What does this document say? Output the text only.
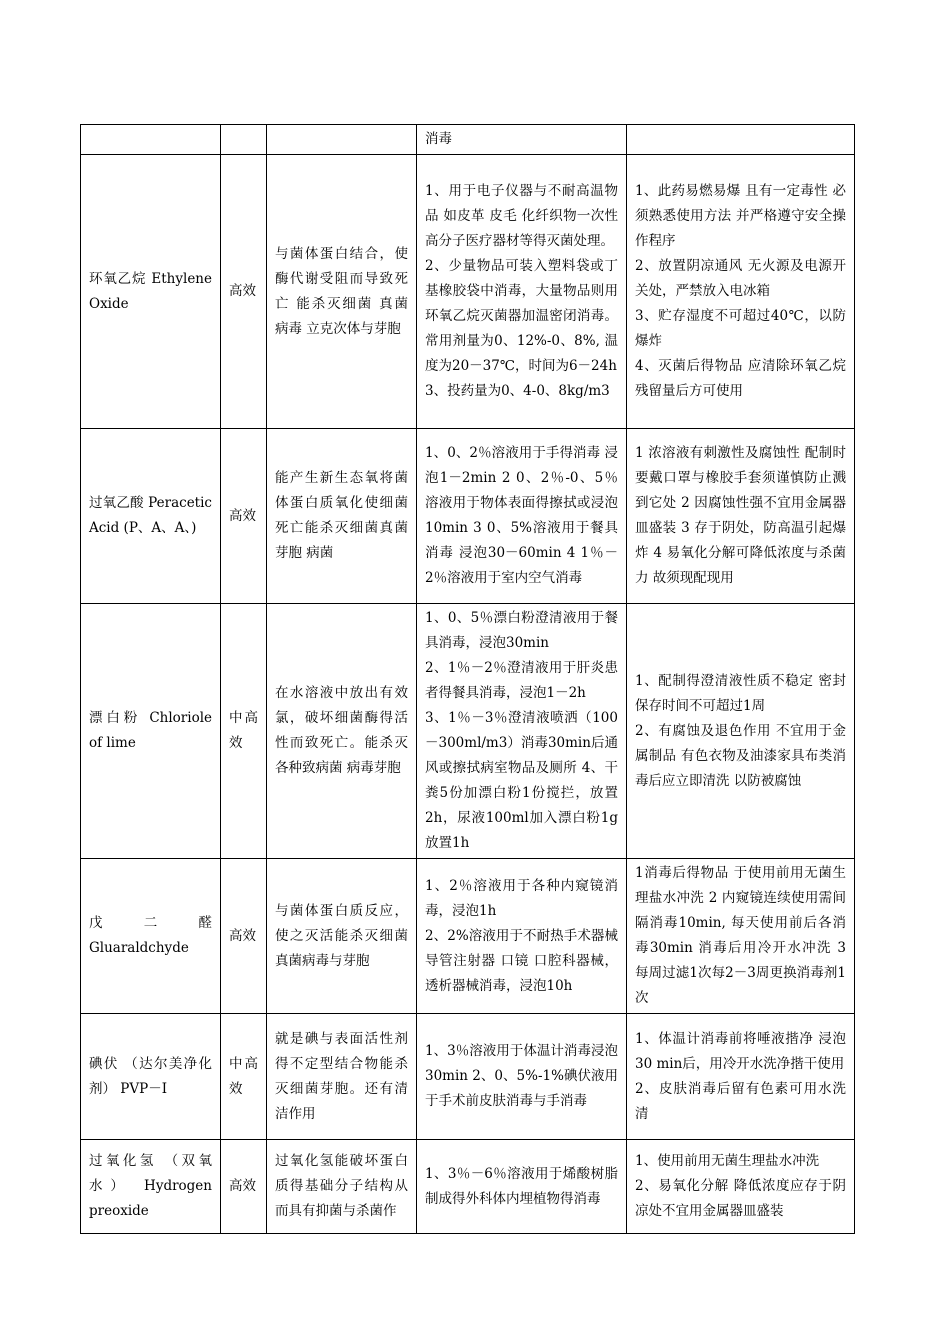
			消毒	

环氧乙烷 Ethylene Oxide	高效	与菌体蛋白结合，使酶代谢受阻而导致死亡 能杀灭细菌 真菌 病毒 立克次体与芽胞	1、用于电子仪器与不耐高温物品 如皮革 皮毛 化纤织物一次性高分子医疗器材等得灭菌处理。
2、少量物品可装入塑料袋或丁基橡胶袋中消毒，大量物品则用环氧乙烷灭菌器加温密闭消毒。常用剂量为0、12%-0、8%, 温度为20－37℃，时间为6－24h
3、投药量为0、4-0、8kg/m3	1、此药易燃易爆 且有一定毒性 必须熟悉使用方法 并严格遵守安全操作程序
2、放置阴凉通风 无火源及电源开关处，严禁放入电冰箱
3、贮存湿度不可超过40℃，以防爆炸
4、灭菌后得物品 应清除环氧乙烷残留量后方可使用

过氧乙酸 Peracetic Acid (P、A、A、)	高效	能产生新生态氧将菌体蛋白质氧化使细菌死亡能杀灭细菌真菌 芽胞 病菌	1、0、2％溶液用于手得消毒 浸泡1－2min 2 0、2％-0、5％溶液用于物体表面得擦拭或浸泡10min 3 0、5%溶液用于餐具消毒 浸泡30－60min 4 1％－2％溶液用于室内空气消毒	1 浓溶液有刺激性及腐蚀性 配制时要戴口罩与橡胶手套须谨慎防止溅到它处 2 因腐蚀性强不宜用金属器皿盛装 3 存于阴处，防高温引起爆炸 4 易氧化分解可降低浓度与杀菌力 故须现配现用

漂白粉 Chloriole of lime	中高效	在水溶液中放出有效氯，破坏细菌酶得活性而致死亡。能杀灭各种致病菌 病毒芽胞	1、0、5％漂白粉澄清液用于餐具消毒，浸泡30min
2、1％－2％澄清液用于肝炎患者得餐具消毒，浸泡1－2h
3、1％－3％澄清液喷洒（100－300ml/m3）消毒30min后通风或擦拭病室物品及厕所 4、干粪5份加漂白粉1份搅拦，放置2h，尿液100ml加入漂白粉1g放置1h	1、配制得澄清液性质不稳定 密封保存时间不可超过1周
2、有腐蚀及退色作用 不宜用于金属制品 有色衣物及油漆家具布类消毒后应立即清洗 以防被腐蚀

戊二醛 Gluaraldchyde	高效	与菌体蛋白质反应，使之灭活能杀灭细菌真菌病毒与芽胞	1、2％溶液用于各种内窥镜消毒，浸泡1h
2、2%溶液用于不耐热手术器械 导管注射器 口镜 口腔科器械，透析器械消毒，浸泡10h	1消毒后得物品 于使用前用无菌生理盐水冲洗 2 内窥镜连续使用需间隔消毒10min, 每天使用前后各消毒30min 消毒后用冷开水冲洗 3 每周过滤1次每2－3周更换消毒剂1次

碘伏 （达尔美净化剂） PVP－I	中高效	就是碘与表面活性剂得不定型结合物能杀灭细菌芽胞。还有清洁作用	1、3％溶液用于体温计消毒浸泡30min 2、0、5%-1%碘伏液用于手术前皮肤消毒与手消毒	1、体温计消毒前将唾液揩净 浸泡30 min后，用冷开水洗净揩干使用
2、皮肤消毒后留有色素可用水洗清

过氧化氢 （双氧水） Hydrogen preoxide	高效	过氧化氢能破坏蛋白质得基础分子结构从而具有抑菌与杀菌作	1、3％－6％溶液用于烯酸树脂制成得外科体内埋植物得消毒	1、使用前用无菌生理盐水冲洗
2、易氧化分解 降低浓度应存于阴凉处不宜用金属器皿盛装
